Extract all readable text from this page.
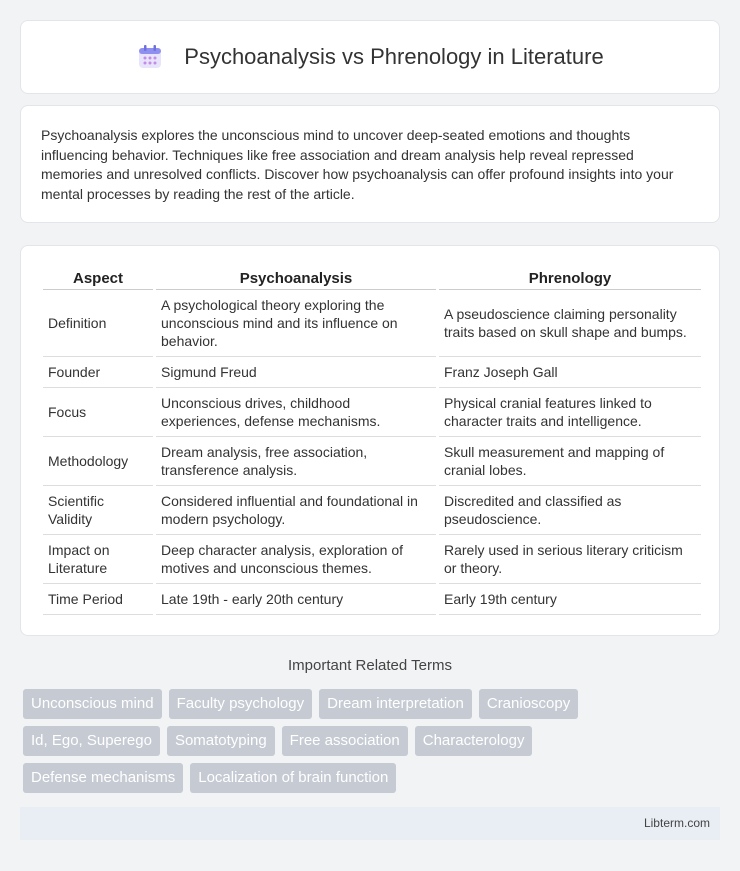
Psychoanalysis vs Phrenology in Literature

Psychoanalysis explores the unconscious mind to uncover deep-seated emotions and thoughts influencing behavior. Techniques like free association and dream analysis help reveal repressed memories and unresolved conflicts. Discover how psychoanalysis can offer profound insights into your mental processes by reading the rest of the article.

Aspect	Psychoanalysis	Phrenology
Definition	A psychological theory exploring the unconscious mind and its influence on behavior.	A pseudoscience claiming personality traits based on skull shape and bumps.
Founder	Sigmund Freud	Franz Joseph Gall
Focus	Unconscious drives, childhood experiences, defense mechanisms.	Physical cranial features linked to character traits and intelligence.
Methodology	Dream analysis, free association, transference analysis.	Skull measurement and mapping of cranial lobes.
Scientific Validity	Considered influential and foundational in modern psychology.	Discredited and classified as pseudoscience.
Impact on Literature	Deep character analysis, exploration of motives and unconscious themes.	Rarely used in serious literary criticism or theory.
Time Period	Late 19th - early 20th century	Early 19th century
Important Related Terms
Unconscious mind	Faculty psychology	Dream interpretation	Cranioscopy
Id, Ego, Superego	Somatotyping	Free association	Characterology
Defense mechanisms	Localization of brain function
Libterm.com
